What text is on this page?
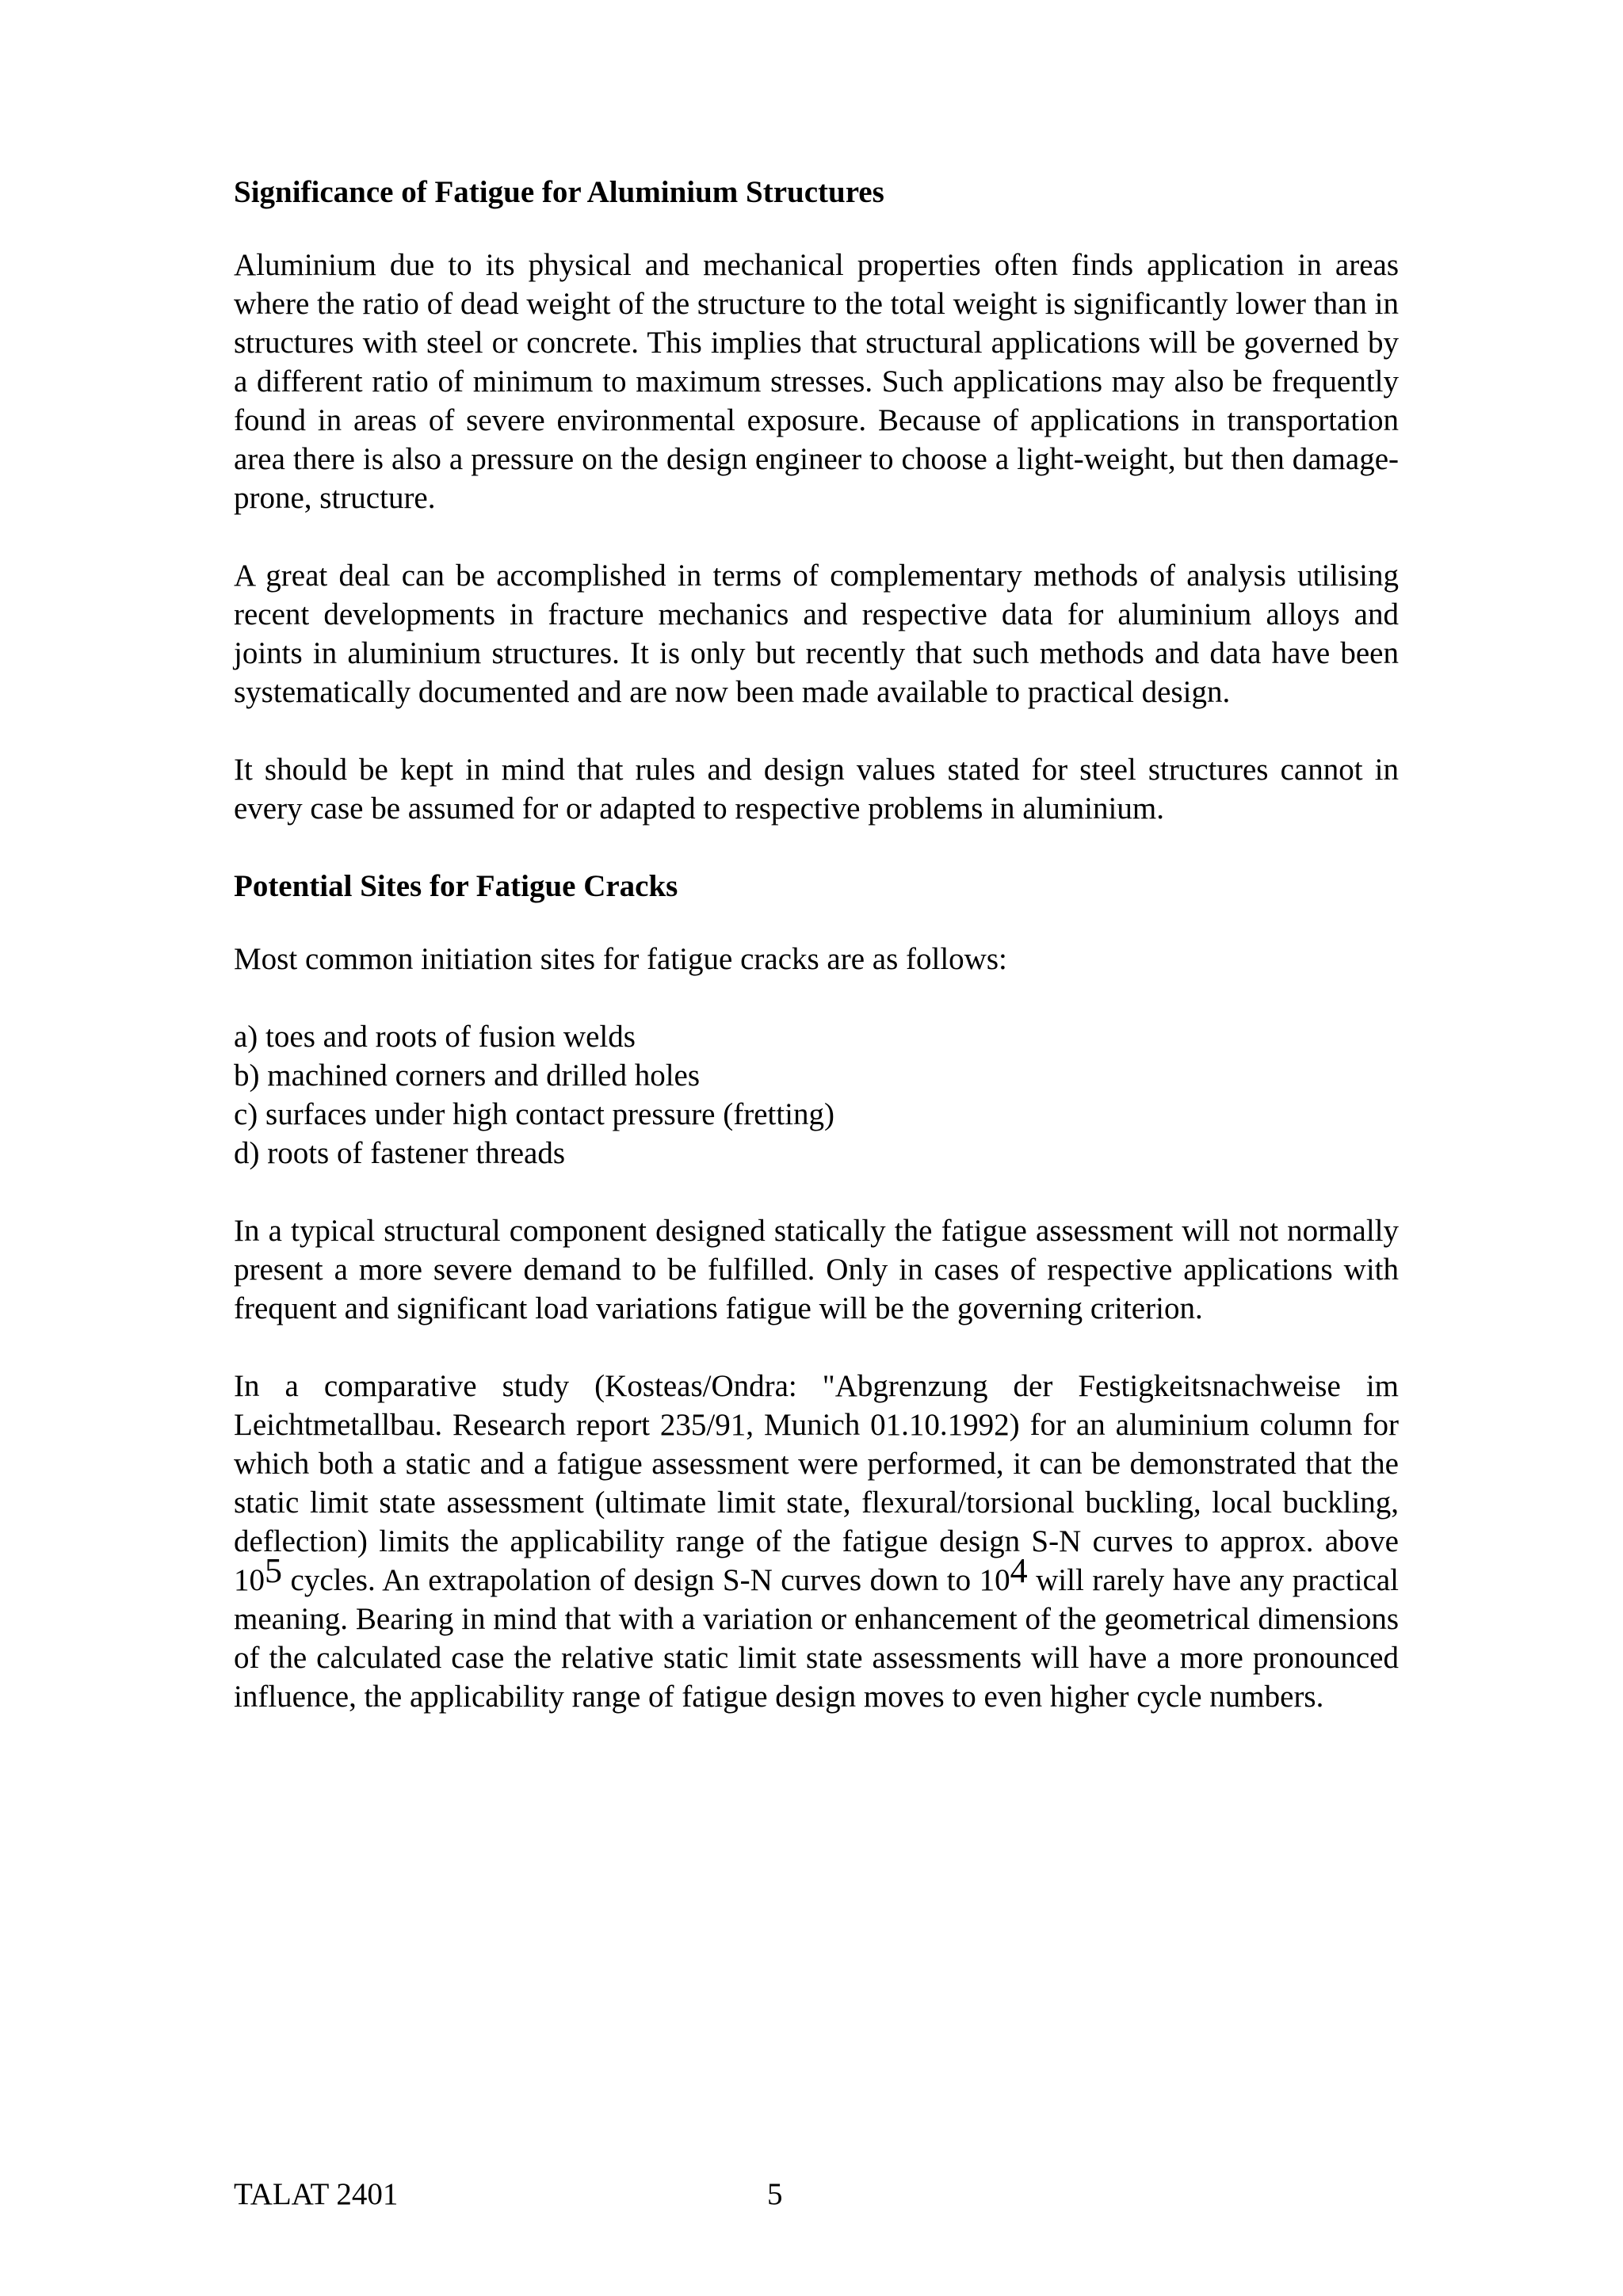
Significance of Fatigue for Aluminium Structures

Aluminium due to its physical and mechanical properties often finds application in areas where the ratio of dead weight of the structure to the total weight is significantly lower than in structures with steel or concrete. This implies that structural applications will be governed by a different ratio of minimum to maximum stresses. Such applications may also be frequently found in areas of severe environmental exposure. Because of applications in transportation area there is also a pressure on the design engineer to choose a light-weight, but then damage-prone, structure.

A great deal can be accomplished in terms of complementary methods of analysis utilising recent developments in fracture mechanics and respective data for aluminium alloys and joints in aluminium structures. It is only but recently that such methods and data have been systematically documented and are now been made available to practical design.

It should be kept in mind that rules and design values stated for steel structures cannot in every case be assumed for or adapted to respective problems in aluminium.

Potential Sites for Fatigue Cracks

Most common initiation sites for fatigue cracks are as follows:

a) toes and roots of fusion welds
b) machined corners and drilled holes
c) surfaces under high contact pressure (fretting)
d) roots of fastener threads

In a typical structural component designed statically the fatigue assessment will not normally present a more severe demand to be fulfilled. Only in cases of respective applications with frequent and significant load variations fatigue will be the governing criterion.

In a comparative study (Kosteas/Ondra: "Abgrenzung der Festigkeitsnachweise im Leichtmetallbau. Research report 235/91, Munich 01.10.1992) for an aluminium column for which both a static and a fatigue assessment were performed, it can be demonstrated that the static limit state assessment (ultimate limit state, flexural/torsional buckling, local buckling, deflection) limits the applicability range of the fatigue design S-N curves to approx. above $10^5$ cycles. An extrapolation of design S-N curves down to $10^4$ will rarely have any practical meaning. Bearing in mind that with a variation or enhancement of the geometrical dimensions of the calculated case the relative static limit state assessments will have a more pronounced influence, the applicability range of fatigue design moves to even higher cycle numbers.

TALAT 2401	5
